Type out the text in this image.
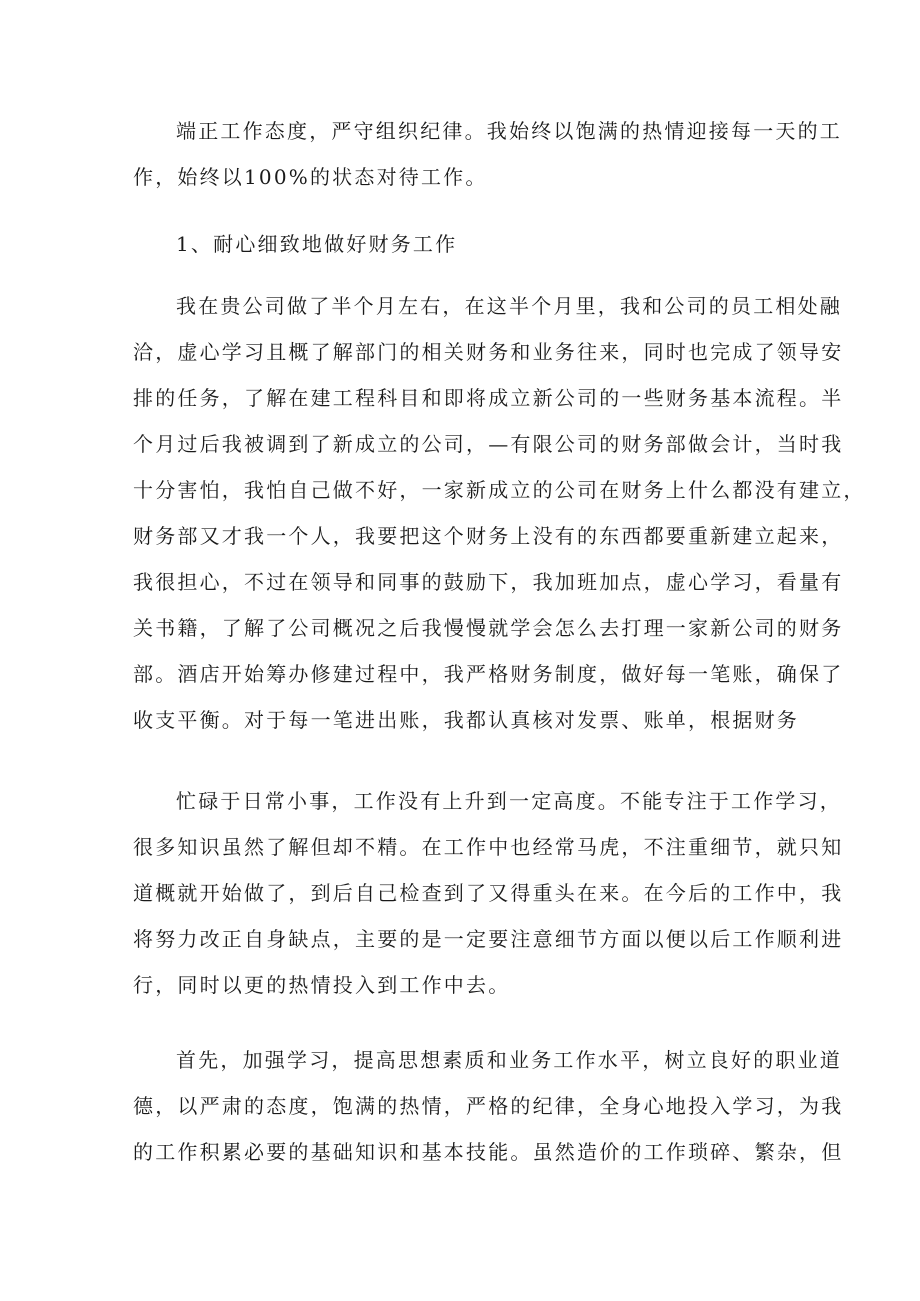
端正工作态度，严守组织纪律。我始终以饱满的热情迎接每一天的工
作，始终以100%的状态对待工作。
1、耐心细致地做好财务工作
我在贵公司做了半个月左右，在这半个月里，我和公司的员工相处融
洽，虚心学习且概了解部门的相关财务和业务往来，同时也完成了领导安
排的任务，了解在建工程科目和即将成立新公司的一些财务基本流程。半
个月过后我被调到了新成立的公司，—有限公司的财务部做会计，当时我
十分害怕，我怕自己做不好，一家新成立的公司在财务上什么都没有建立，
财务部又才我一个人，我要把这个财务上没有的东西都要重新建立起来，
我很担心，不过在领导和同事的鼓励下，我加班加点，虚心学习，看量有
关书籍，了解了公司概况之后我慢慢就学会怎么去打理一家新公司的财务
部。酒店开始筹办修建过程中，我严格财务制度，做好每一笔账，确保了
收支平衡。对于每一笔进出账，我都认真核对发票、账单，根据财务
忙碌于日常小事，工作没有上升到一定高度。不能专注于工作学习，
很多知识虽然了解但却不精。在工作中也经常马虎，不注重细节，就只知
道概就开始做了，到后自己检查到了又得重头在来。在今后的工作中，我
将努力改正自身缺点，主要的是一定要注意细节方面以便以后工作顺利进
行，同时以更的热情投入到工作中去。
首先，加强学习，提高思想素质和业务工作水平，树立良好的职业道
德，以严肃的态度，饱满的热情，严格的纪律，全身心地投入学习，为我
的工作积累必要的基础知识和基本技能。虽然造价的工作琐碎、繁杂，但
